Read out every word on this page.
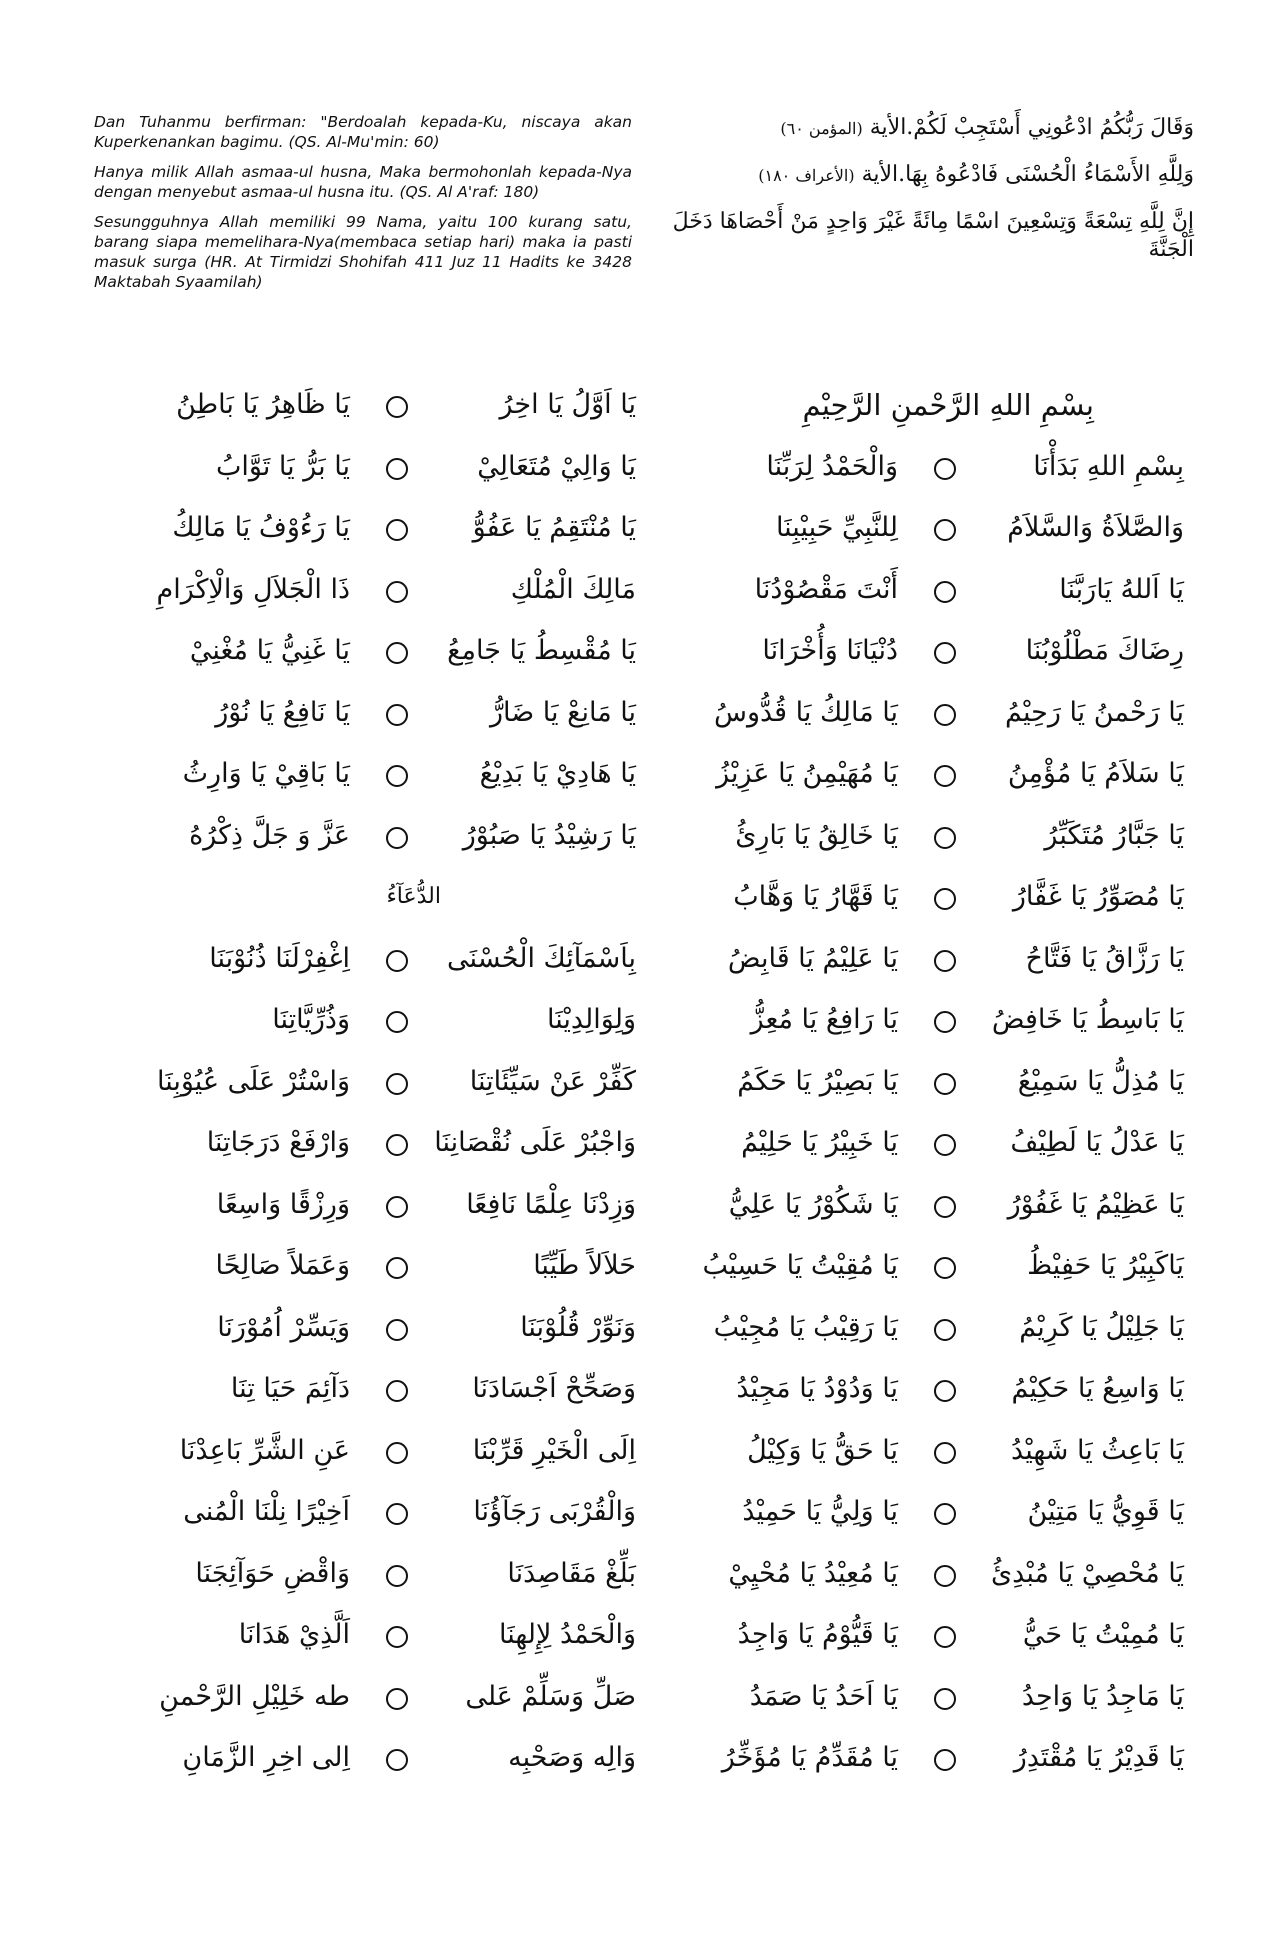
Dan Tuhanmu berfirman: "Berdoalah kepada-Ku, niscaya akan Kuperkenankan bagimu. (QS. Al-Mu'min: 60)

Hanya milik Allah asmaa-ul husna, Maka bermohonlah kepada-Nya dengan menyebut asmaa-ul husna itu. (QS. Al A'raf: 180)

Sesungguhnya Allah memiliki 99 Nama, yaitu 100 kurang satu, barang siapa memelihara-Nya(membaca setiap hari) maka ia pasti masuk surga (HR. At Tirmidzi Shohifah 411 Juz 11 Hadits ke 3428 Maktabah Syaamilah)

وَقَالَ رَبُّكُمُ ادْعُونِي أَسْتَجِبْ لَكُمْ.الأية (المؤمن ٦٠)

وَلِلَّهِ الأَسْمَاءُ الْحُسْنَى فَادْعُوهُ بِهَا.الأية (الأعراف ١٨٠)

إِنَّ لِلَّهِ تِسْعَةً وَتِسْعِينَ اسْمًا مِائَةً غَيْرَ وَاحِدٍ مَنْ أَحْصَاهَا دَخَلَ الْجَنَّةَ

بِسْمِ اللهِ الرَّحْمنِ الرَّحِيْمِ
بِسْمِ اللهِ بَدَأْنَا
وَالْحَمْدُ لِرَبِّنَا
وَالصَّلاَةُ وَالسَّلاَمُ
لِلنَّبِيِّ حَبِيْبِنَا
يَا اَللهُ يَارَبَّنَا
أَنْتَ مَقْصُوْدُنَا
رِضَاكَ مَطْلُوْبُنَا
دُنْيَانَا وَأُخْرَانَا
يَا رَحْمنُ يَا رَحِيْمُ
يَا مَالِكُ يَا قُدُّوسُ
يَا سَلاَمُ يَا مُؤْمِنُ
يَا مُهَيْمِنُ يَا عَزِيْزُ
يَا جَبَّارُ مُتَكَبِّرُ
يَا خَالِقُ يَا بَارِئُ
يَا مُصَوِّرُ يَا غَفَّارُ
يَا قَهَّارُ يَا وَهَّابُ
يَا رَزَّاقُ يَا فَتَّاحُ
يَا عَلِيْمُ يَا قَابِضُ
يَا بَاسِطُ يَا خَافِضُ
يَا رَافِعُ يَا مُعِزُّ
يَا مُذِلُّ يَا سَمِيْعُ
يَا بَصِيْرُ يَا حَكَمُ
يَا عَدْلُ يَا لَطِيْفُ
يَا خَبِيْرُ يَا حَلِيْمُ
يَا عَظِيْمُ يَا غَفُوْرُ
يَا شَكُوْرُ يَا عَلِيُّ
يَاكَبِيْرُ يَا حَفِيْظُ
يَا مُقِيْتُ يَا حَسِيْبُ
يَا جَلِيْلُ يَا كَرِيْمُ
يَا رَقِيْبُ يَا مُجِيْبُ
يَا وَاسِعُ يَا حَكِيْمُ
يَا وَدُوْدُ يَا مَجِيْدُ
يَا بَاعِثُ يَا شَهِيْدُ
يَا حَقُّ يَا وَكِيْلُ
يَا قَوِيُّ يَا مَتِيْنُ
يَا وَلِيُّ يَا حَمِيْدُ
يَا مُحْصِيْ يَا مُبْدِئُ
يَا مُعِيْدُ يَا مُحْيِيْ
يَا مُمِيْتُ يَا حَيُّ
يَا قَيُّوْمُ يَا وَاجِدُ
يَا مَاجِدُ يَا وَاحِدُ
يَا اَحَدُ يَا صَمَدُ
يَا قَدِيْرُ يَا مُقْتَدِرُ
يَا مُقَدِّمُ يَا مُؤَخِّرُ
يَا اَوَّلُ يَا اخِرُ
يَا ظَاهِرُ يَا بَاطِنُ
يَا وَالِيْ مُتَعَالِيْ
يَا بَرُّ يَا تَوَّابُ
يَا مُنْتَقِمُ يَا عَفُوُّ
يَا رَءُوْفُ يَا مَالِكُ
مَالِكَ الْمُلْكِ
ذَا الْجَلاَلِ وَالْاِكْرَامِ
يَا مُقْسِطُ يَا جَامِعُ
يَا غَنِيُّ يَا مُغْنِيْ
يَا مَانِعْ يَا ضَارُّ
يَا نَافِعُ يَا نُوْرُ
يَا هَادِيْ يَا بَدِيْعُ
يَا بَاقِيْ يَا وَارِثُ
يَا رَشِيْدُ يَا صَبُوْرُ
عَزَّ وَ جَلَّ ذِكْرُهُ
الدُّعَآءُ
بِاَسْمَآئِكَ الْحُسْنَى
اِغْفِرْلَنَا ذُنُوْبَنَا
وَلِوَالِدِيْنَا
وَذُرِّيَّاتِنَا
كَفِّرْ عَنْ سَيِّئَاتِنَا
وَاسْتُرْ عَلَى عُيُوْبِنَا
وَاجْبُرْ عَلَى نُقْصَانِنَا
وَارْفَعْ دَرَجَاتِنَا
وَزِدْنَا عِلْمًا نَافِعًا
وَرِزْقًا وَاسِعًا
حَلاَلاً طَيِّبًا
وَعَمَلاً صَالِحًا
وَنَوِّرْ قُلُوْبَنَا
وَيَسِّرْ اُمُوْرَنَا
وَصَحِّحْ اَجْسَادَنَا
دَآئِمَ حَيَا تِنَا
اِلَى الْخَيْرِ قَرِّبْنَا
عَنِ الشَّرِّ بَاعِدْنَا
وَالْقُرْبَى رَجَآؤُنَا
اَخِيْرًا نِلْنَا الْمُنى
بَلِّغْ مَقَاصِدَنَا
وَاقْضِ حَوَآئِجَنَا
وَالْحَمْدُ لِإِلهِنَا
اَلَّذِيْ هَدَانَا
صَلِّ وَسَلِّمْ عَلى
طه خَلِيْلِ الرَّحْمنِ
وَالِه وَصَحْبِه
اِلى اخِرِ الزَّمَانِ
